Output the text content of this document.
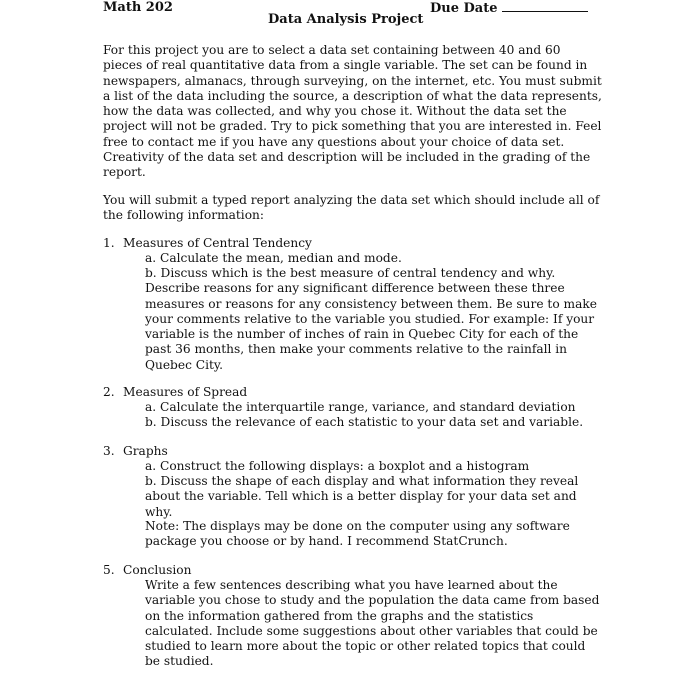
Math 202	Due Date
Data Analysis Project

For this project you are to select a data set containing between 40 and 60 pieces of real quantitative data from a single variable. The set can be found in newspapers, almanacs, through surveying, on the internet, etc. You must submit a list of the data including the source, a description of what the data represents, how the data was collected, and why you chose it. Without the data set the project will not be graded. Try to pick something that you are interested in. Feel free to contact me if you have any questions about your choice of data set. Creativity of the data set and description will be included in the grading of the report.

You will submit a typed report analyzing the data set which should include all of the following information:

1. Measures of Central Tendency

a. Calculate the mean, median and mode.

b. Discuss which is the best measure of central tendency and why. Describe reasons for any significant difference between these three measures or reasons for any consistency between them. Be sure to make your comments relative to the variable you studied. For example: If your variable is the number of inches of rain in Quebec City for each of the past 36 months, then make your comments relative to the rainfall in Quebec City.

2. Measures of Spread

a. Calculate the interquartile range, variance, and standard deviation

b. Discuss the relevance of each statistic to your data set and variable.

3. Graphs

a. Construct the following displays: a boxplot and a histogram

b. Discuss the shape of each display and what information they reveal about the variable. Tell which is a better display for your data set and why.

Note: The displays may be done on the computer using any software package you choose or by hand. I recommend StatCrunch.

5. Conclusion

Write a few sentences describing what you have learned about the variable you chose to study and the population the data came from based on the information gathered from the graphs and the statistics calculated. Include some suggestions about other variables that could be studied to learn more about the topic or other related topics that could be studied.
